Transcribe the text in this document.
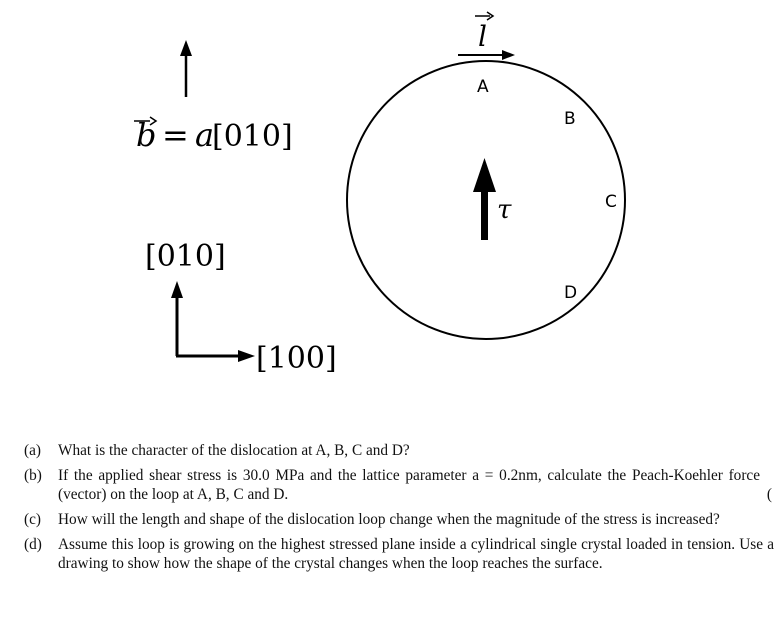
b = a
[010]
[010]
[100]
l
A
B
C
D
τ
(a) What is the character of the dislocation at A, B, C and D?
(b) If the applied shear stress is 30.0 MPa and the lattice parameter a = 0.2nm, calculate the Peach-Koehler force (vector) on the loop at A, B, C and D.	(
(c) How will the length and shape of the dislocation loop change when the magnitude of the stress is increased?
(d) Assume this loop is growing on the highest stressed plane inside a cylindrical single crystal loaded in tension. Use a drawing to show how the shape of the crystal changes when the loop reaches the surface.
